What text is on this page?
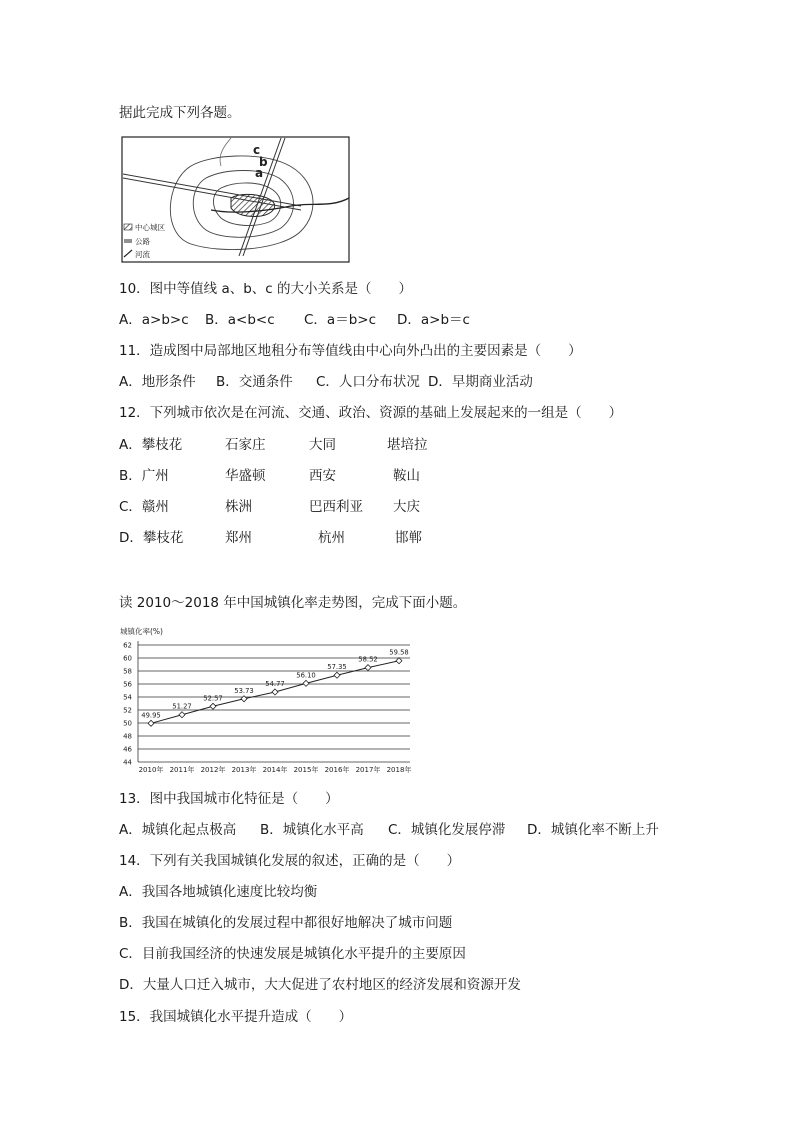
据此完成下列各题。
c
b
a
中心城区
公路
河流
10．图中等值线 a、b、c 的大小关系是（　　）
A．a>b>c B．a<b<c C．a＝b>c D．a>b＝c
11．造成图中局部地区地租分布等值线由中心向外凸出的主要因素是（　　）
A．地形条件 B．交通条件 C．人口分布状况 D．早期商业活动
12．下列城市依次是在河流、交通、政治、资源的基础上发展起来的一组是（　　）
A．攀枝花	石家庄	大同	堪培拉
B．广州	华盛顿	西安	鞍山
C．赣州	株洲	巴西利亚 大庆
D．攀枝花	郑州	杭州	邯郸
读 2010～2018 年中国城镇化率走势图，完成下面小题。
城镇化率(%)
62
60
58
56
54
52
50
48
46
44
2010年 2011年 2012年 2013年 2014年 2015年 2016年 2017年 2018年
49.95
51.27
52.57
53.73
54.77
56.10
57.35
58.52
59.58
13．图中我国城市化特征是（　　）
A．城镇化起点极高 B．城镇化水平高 C．城镇化发展停滞 D．城镇化率不断上升
14．下列有关我国城镇化发展的叙述，正确的是（　　）
A．我国各地城镇化速度比较均衡
B．我国在城镇化的发展过程中都很好地解决了城市问题
C．目前我国经济的快速发展是城镇化水平提升的主要原因
D．大量人口迁入城市，大大促进了农村地区的经济发展和资源开发
15．我国城镇化水平提升造成（　　）
